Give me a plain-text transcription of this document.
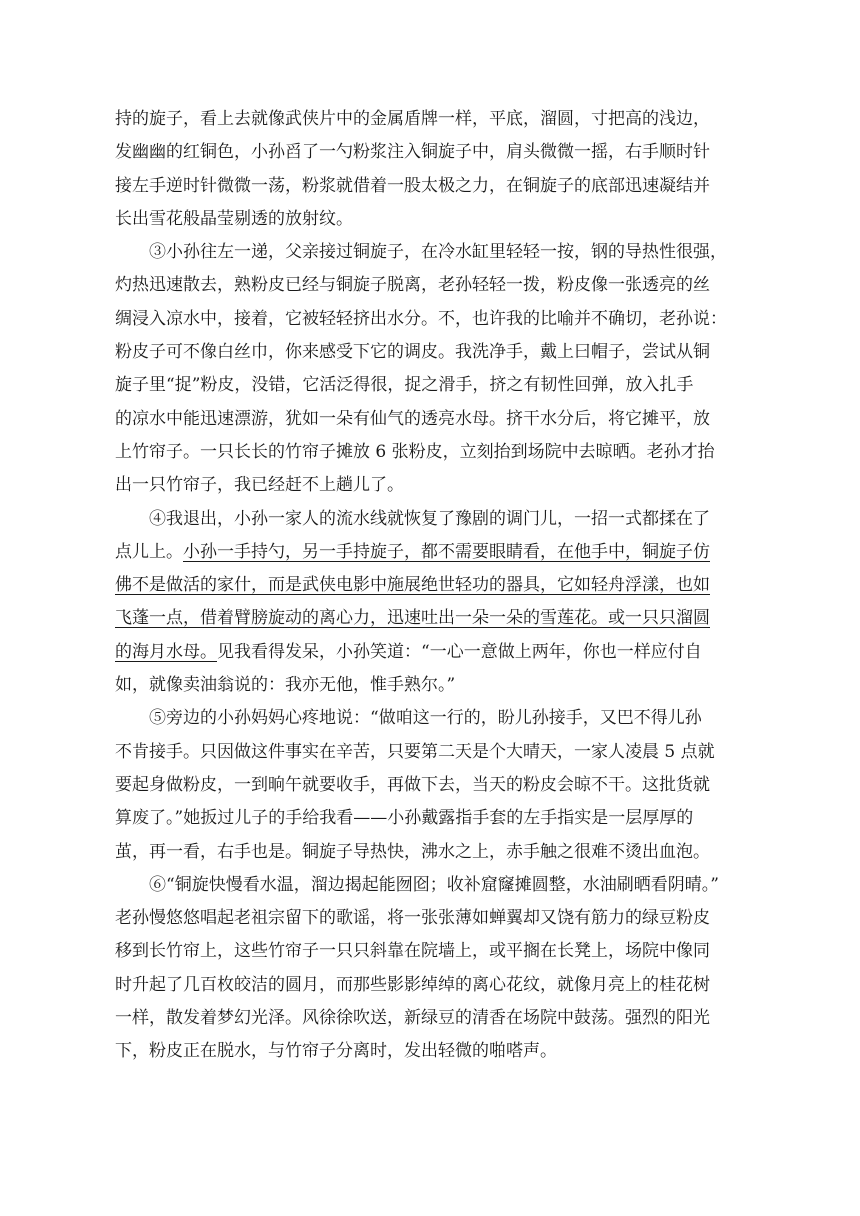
持的旋子，看上去就像武侠片中的金属盾牌一样，平底，溜圆，寸把高的浅边，
发幽幽的红铜色，小孙舀了一勺粉浆注入铜旋子中，肩头微微一摇，右手顺时针
接左手逆时针微微一荡，粉浆就借着一股太极之力，在铜旋子的底部迅速凝结并
长出雪花般晶莹剔透的放射纹。
　　③小孙往左一递，父亲接过铜旋子，在冷水缸里轻轻一按，钢的导热性很强，
灼热迅速散去，熟粉皮已经与铜旋子脱离，老孙轻轻一拨，粉皮像一张透亮的丝
绸浸入凉水中，接着，它被轻轻挤出水分。不，也许我的比喻并不确切，老孙说：
粉皮子可不像白丝巾，你来感受下它的调皮。我洗净手，戴上曰帽子，尝试从铜
旋子里“捉”粉皮，没错，它活泛得很，捉之滑手，挤之有韧性回弹，放入扎手
的凉水中能迅速漂游，犹如一朵有仙气的透亮水母。挤干水分后，将它摊平，放
上竹帘子。一只长长的竹帘子摊放 6 张粉皮，立刻抬到场院中去晾晒。老孙才抬
出一只竹帘子，我已经赶不上趟儿了。
　　④我退出，小孙一家人的流水线就恢复了豫剧的调门儿，一招一式都揉在了
点儿上。小孙一手持勺，另一手持旋子，都不需要眼睛看，在他手中，铜旋子仿
佛不是做活的家什，而是武侠电影中施展绝世轻功的器具，它如轻舟浮漾，也如
飞蓬一点，借着臂膀旋动的离心力，迅速吐出一朵一朵的雪莲花。或一只只溜圆
的海月水母。见我看得发呆，小孙笑道：“一心一意做上两年，你也一样应付自
如，就像卖油翁说的：我亦无他，惟手熟尔。”
　　⑤旁边的小孙妈妈心疼地说：“做咱这一行的，盼儿孙接手，又巴不得儿孙
不肯接手。只因做这件事实在辛苦，只要第二天是个大晴天，一家人凌晨 5 点就
要起身做粉皮，一到晌午就要收手，再做下去，当天的粉皮会晾不干。这批货就
算废了。”她扳过儿子的手给我看——小孙戴露指手套的左手指实是一层厚厚的
茧，再一看，右手也是。铜旋子导热快，沸水之上，赤手触之很难不烫出血泡。
　　⑥“铜旋快慢看水温，溜边揭起能囫囵；收补窟窿摊圆整，水油刷晒看阴晴。”
老孙慢悠悠唱起老祖宗留下的歌谣，将一张张薄如蝉翼却又饶有筋力的绿豆粉皮
移到长竹帘上，这些竹帘子一只只斜靠在院墙上，或平搁在长凳上，场院中像同
时升起了几百枚皎洁的圆月，而那些影影绰绰的离心花纹，就像月亮上的桂花树
一样，散发着梦幻光泽。风徐徐吹送，新绿豆的清香在场院中鼓荡。强烈的阳光
下，粉皮正在脱水，与竹帘子分离时，发出轻微的啪嗒声。
